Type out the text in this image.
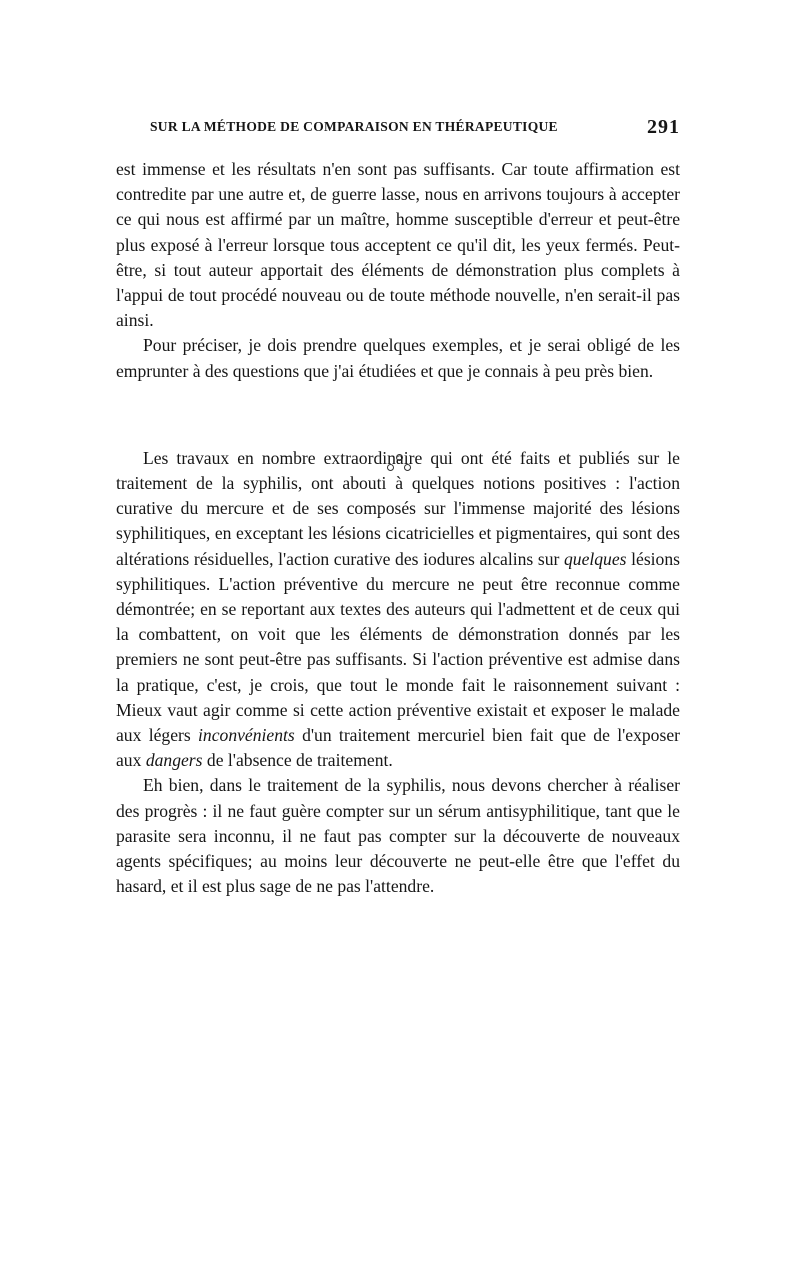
SUR LA MÉTHODE DE COMPARAISON EN THÉRAPEUTIQUE	291

est immense et les résultats n'en sont pas suffisants. Car toute affirmation est contredite par une autre et, de guerre lasse, nous en arrivons toujours à accepter ce qui nous est affirmé par un maître, homme susceptible d'erreur et peut-être plus exposé à l'erreur lorsque tous acceptent ce qu'il dit, les yeux fermés. Peut-être, si tout auteur apportait des éléments de démonstration plus complets à l'appui de tout procédé nouveau ou de toute méthode nouvelle, n'en serait-il pas ainsi.

Pour préciser, je dois prendre quelques exemples, et je serai obligé de les emprunter à des questions que j'ai étudiées et que je connais à peu près bien.

Les travaux en nombre extraordinaire qui ont été faits et publiés sur le traitement de la syphilis, ont abouti à quelques notions positives : l'action curative du mercure et de ses composés sur l'immense majorité des lésions syphilitiques, en exceptant les lésions cicatricielles et pigmentaires, qui sont des altérations résiduelles, l'action curative des iodures alcalins sur quelques lésions syphilitiques. L'action préventive du mercure ne peut être reconnue comme démontrée; en se reportant aux textes des auteurs qui l'admettent et de ceux qui la combattent, on voit que les éléments de démonstration donnés par les premiers ne sont peut-être pas suffisants. Si l'action préventive est admise dans la pratique, c'est, je crois, que tout le monde fait le raisonnement suivant : Mieux vaut agir comme si cette action préventive existait et exposer le malade aux légers inconvénients d'un traitement mercuriel bien fait que de l'exposer aux dangers de l'absence de traitement.

Eh bien, dans le traitement de la syphilis, nous devons chercher à réaliser des progrès : il ne faut guère compter sur un sérum antisyphilitique, tant que le parasite sera inconnu, il ne faut pas compter sur la découverte de nouveaux agents spécifiques; au moins leur découverte ne peut-elle être que l'effet du hasard, et il est plus sage de ne pas l'attendre.
